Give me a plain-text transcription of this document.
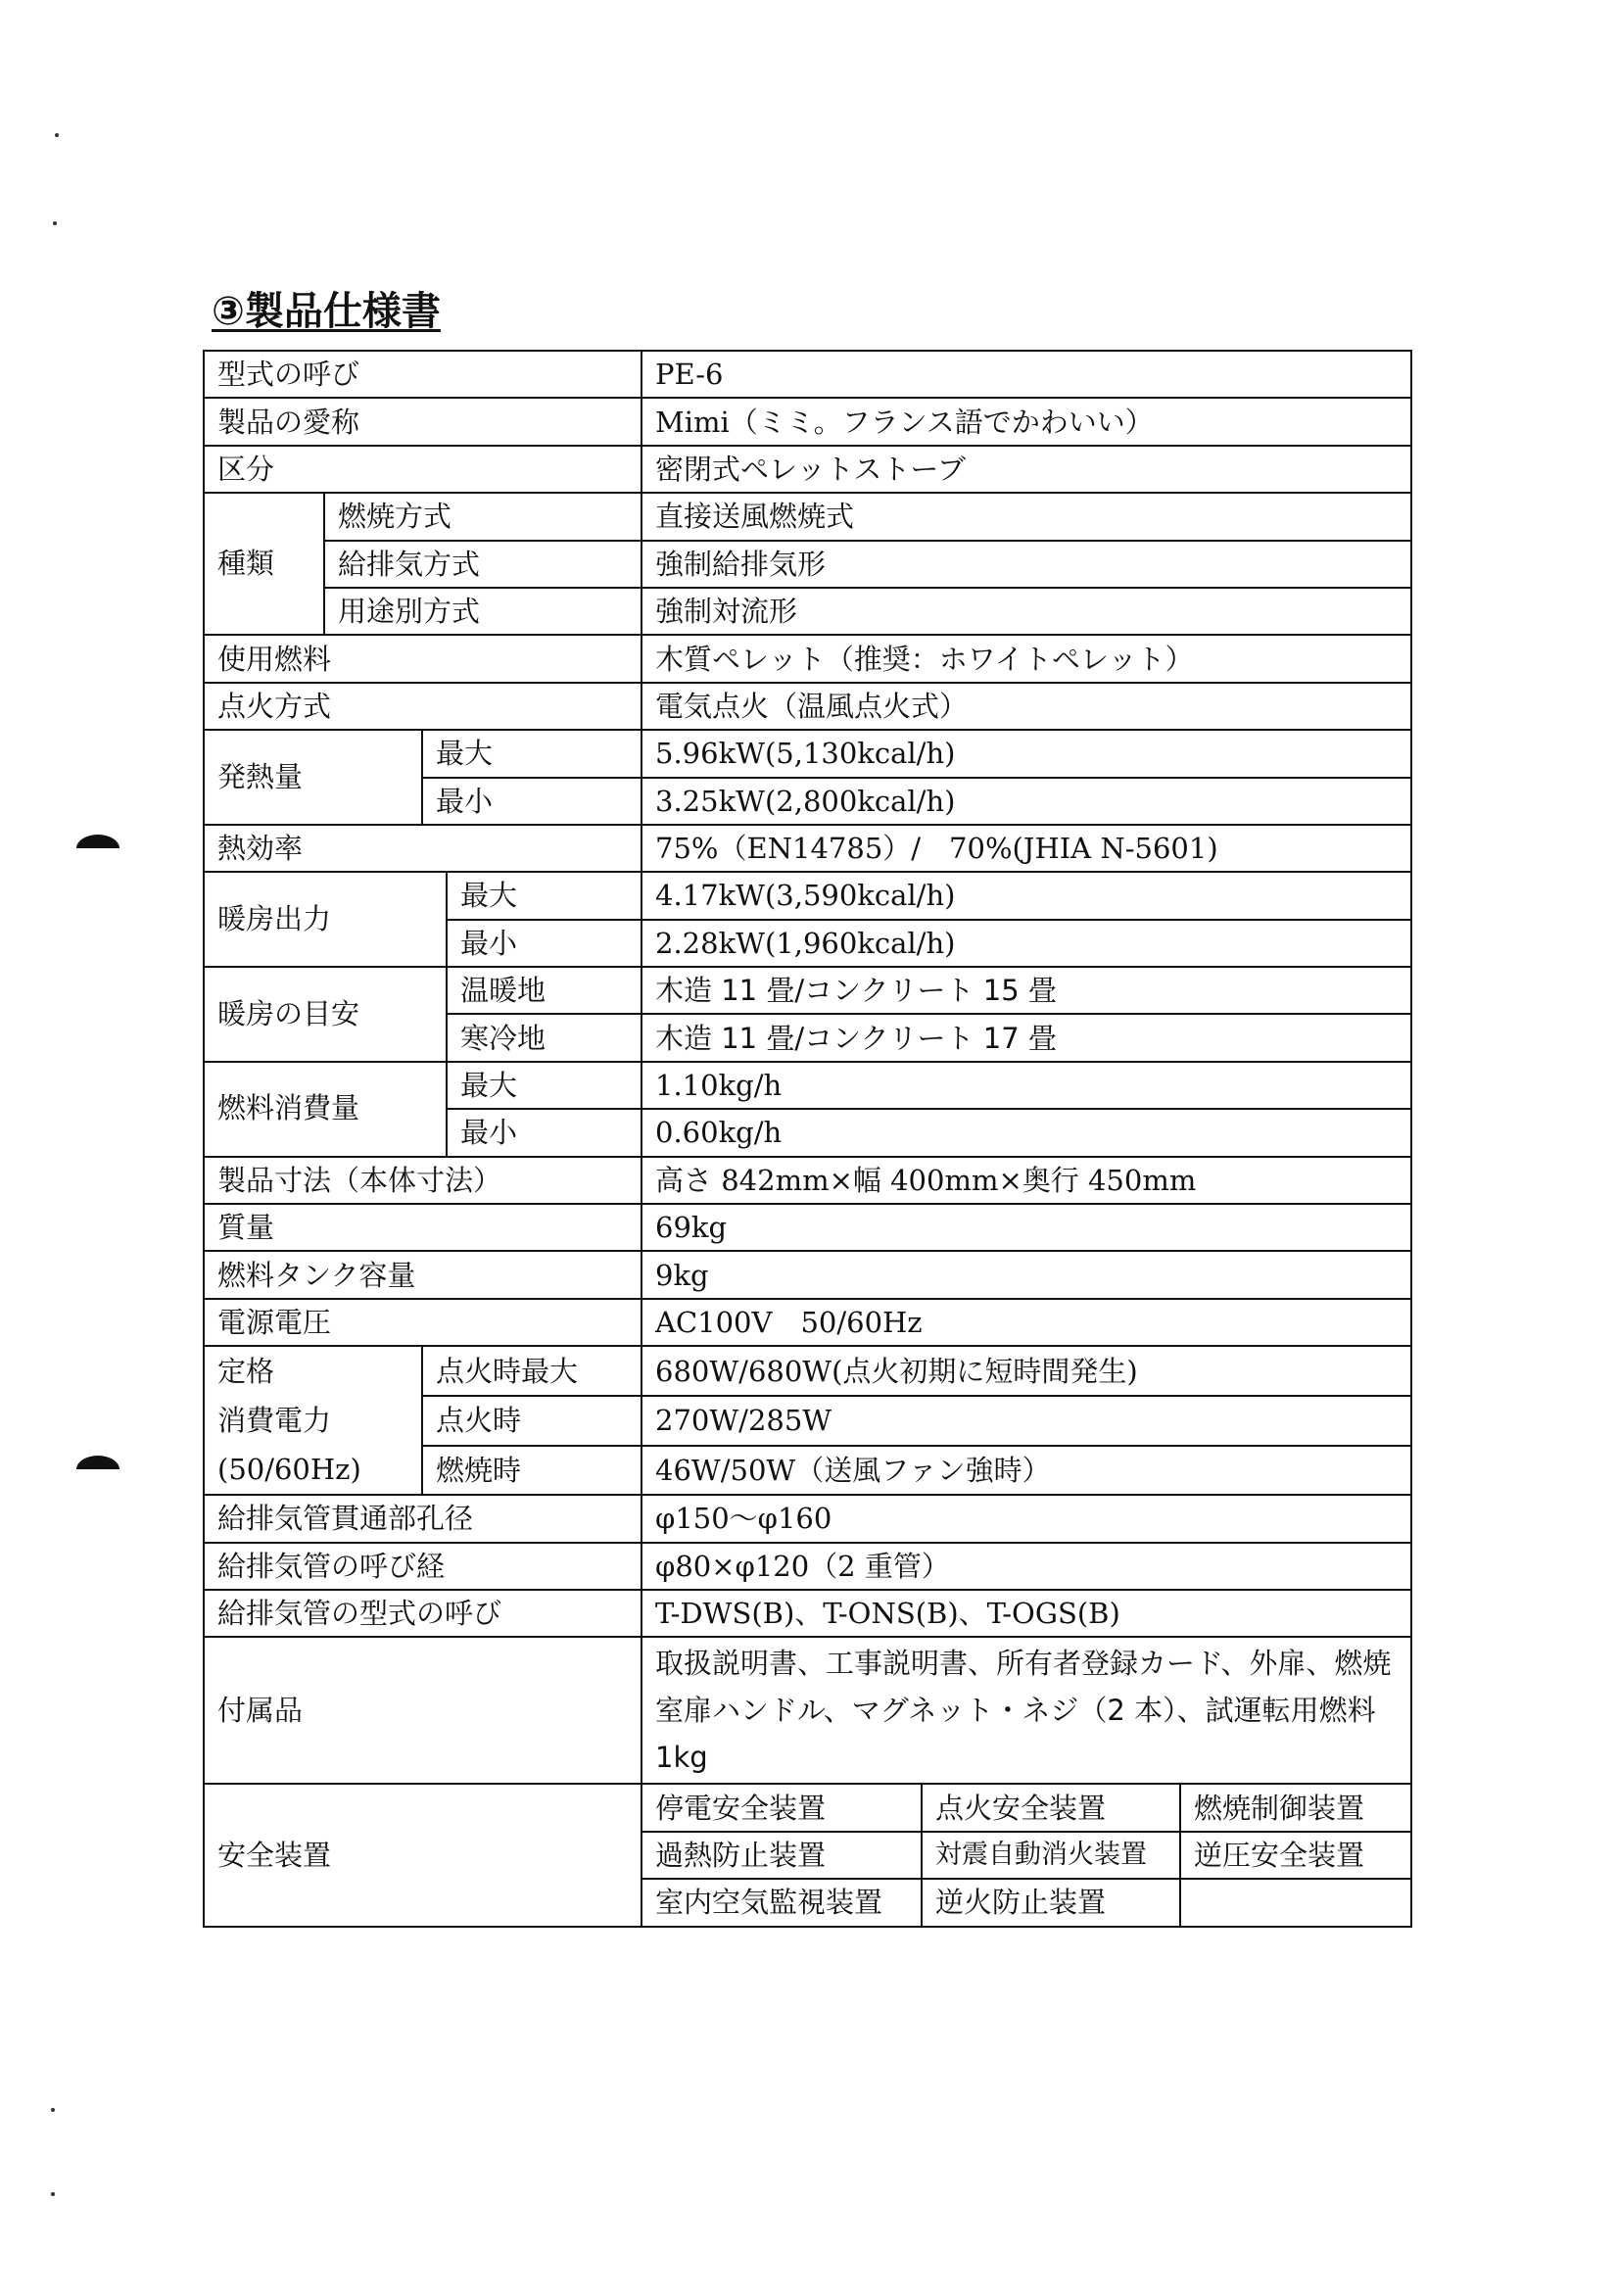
③製品仕様書
型式の呼び				PE-6		
製品の愛称				Mimi（ミミ。フランス語でかわいい）		
区分				密閉式ペレットストーブ		
種類	燃焼方式			直接送風燃焼式		
	給排気方式			強制給排気形		
	用途別方式			強制対流形		
使用燃料				木質ペレット（推奨：ホワイトペレット）		
点火方式				電気点火（温風点火式）		
発熱量		最大		5.96kW(5,130kcal/h)		
		最小		3.25kW(2,800kcal/h)		
熱効率				75%（EN14785）/　70%(JHIA N-5601)		
暖房出力			最大	4.17kW(3,590kcal/h)		
			最小	2.28kW(1,960kcal/h)		
暖房の目安			温暖地	木造 11 畳/コンクリート 15 畳		
			寒冷地	木造 11 畳/コンクリート 17 畳		
燃料消費量			最大	1.10kg/h		
			最小	0.60kg/h		
製品寸法（本体寸法）				高さ 842mm×幅 400mm×奥行 450mm		
質量				69kg		
燃料タンク容量				9kg		
電源電圧				AC100V　50/60Hz		
定格
消費電力
(50/60Hz)		点火時最大		680W/680W(点火初期に短時間発生)		
		点火時		270W/285W		
		燃焼時		46W/50W（送風ファン強時）		
給排気管貫通部孔径				φ150～φ160		
給排気管の呼び経				φ80×φ120（2 重管）		
給排気管の型式の呼び				T-DWS(B)、T-ONS(B)、T-OGS(B)		
付属品				取扱説明書、工事説明書、所有者登録カード、外扉、燃焼室扉ハンドル、マグネット・ネジ（2 本）、試運転用燃料 1kg		
安全装置				停電安全装置	点火安全装置	燃焼制御装置
				過熱防止装置	対震自動消火装置	逆圧安全装置
				室内空気監視装置	逆火防止装置	
